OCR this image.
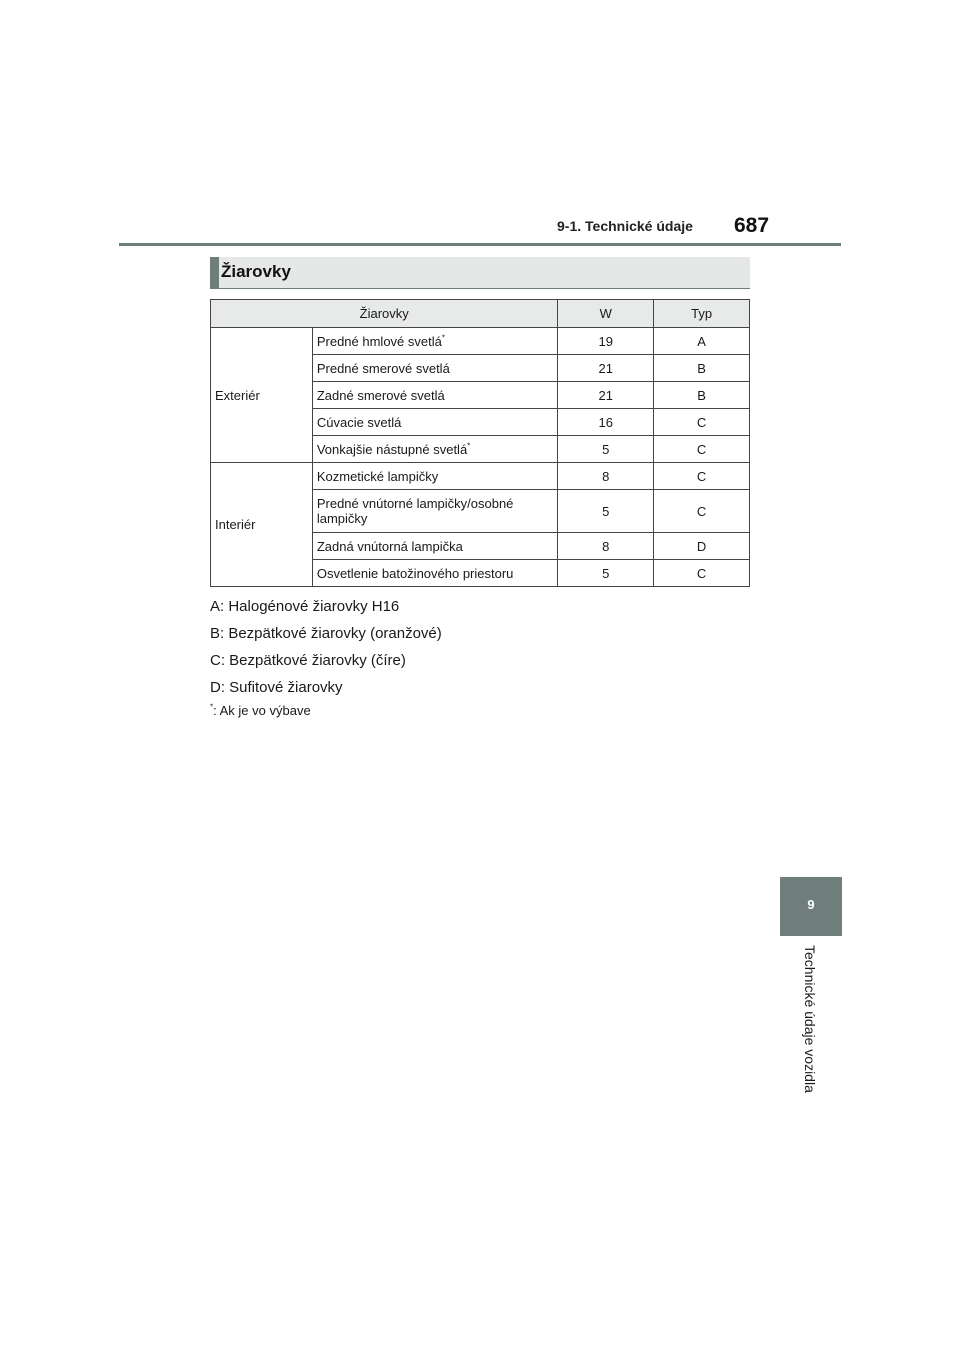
9-1. Technické údaje 687
Žiarovky
Žiarovky		W	Typ
Exteriér	Predné hmlové svetlá*	19	A
	Predné smerové svetlá	21	B
	Zadné smerové svetlá	21	B
	Cúvacie svetlá	16	C
	Vonkajšie nástupné svetlá*	5	C
Interiér	Kozmetické lampičky	8	C
	Predné vnútorné lampičky/osobné lampičky	5	C
	Zadná vnútorná lampička	8	D
	Osvetlenie batožinového priestoru	5	C
A: Halogénové žiarovky H16
B: Bezpätkové žiarovky (oranžové)
C: Bezpätkové žiarovky (číre)
D: Sufitové žiarovky
*: Ak je vo výbave
9
Technické údaje vozidla
